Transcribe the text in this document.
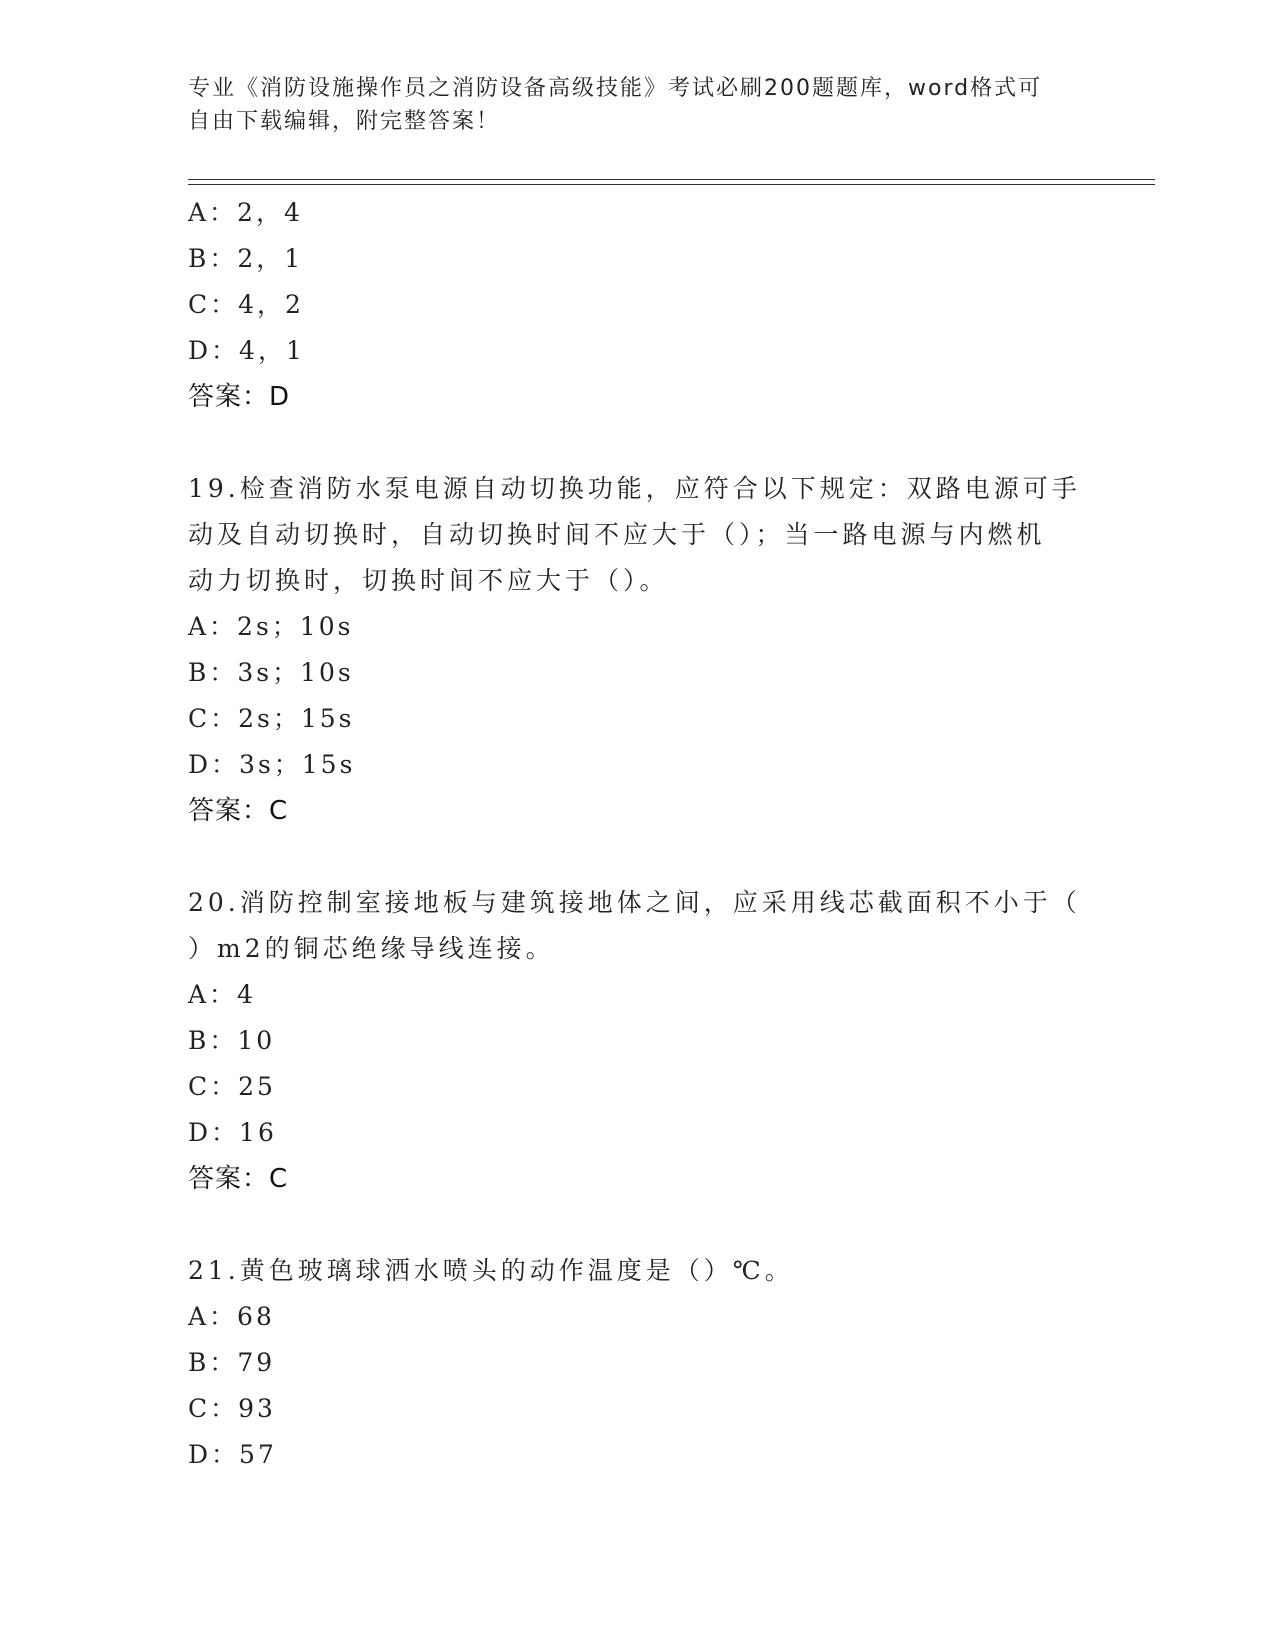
专业《消防设施操作员之消防设备高级技能》考试必刷200题题库，word格式可
自由下载编辑，附完整答案！
A：2，4
B：2，1
C：4，2
D：4，1
答案：D
19.检查消防水泵电源自动切换功能，应符合以下规定：双路电源可手
动及自动切换时，自动切换时间不应大于（）；当一路电源与内燃机
动力切换时，切换时间不应大于（）。
A：2s；10s
B：3s；10s
C：2s；15s
D：3s；15s
答案：C
20.消防控制室接地板与建筑接地体之间，应采用线芯截面积不小于（
）m2的铜芯绝缘导线连接。
A：4
B：10
C：25
D：16
答案：C
21.黄色玻璃球洒水喷头的动作温度是（）℃。
A：68
B：79
C：93
D：57
